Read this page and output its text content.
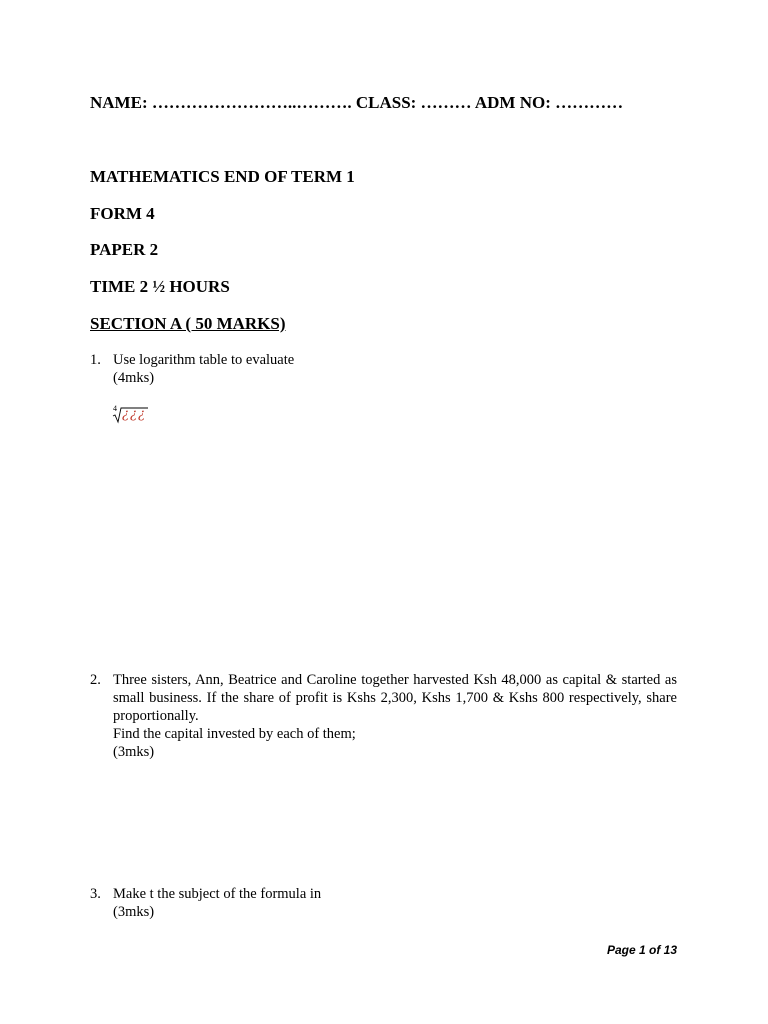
NAME: ……………………..………. CLASS: ……… ADM NO: …………
MATHEMATICS END OF TERM 1
FORM 4
PAPER 2
TIME 2 ½ HOURS
SECTION A ( 50 MARKS)
1. Use logarithm table to evaluate

(4mks)

4 ¿¿¿
2. Three sisters, Ann, Beatrice and Caroline together harvested Ksh 48,000 as capital & started as small business. If the share of profit is Kshs 2,300, Kshs 1,700 & Kshs 800 respectively, share proportionally.

Find the capital invested by each of them;

(3mks)

3. Make t the subject of the formula in

(3mks)

Page 1 of 13
